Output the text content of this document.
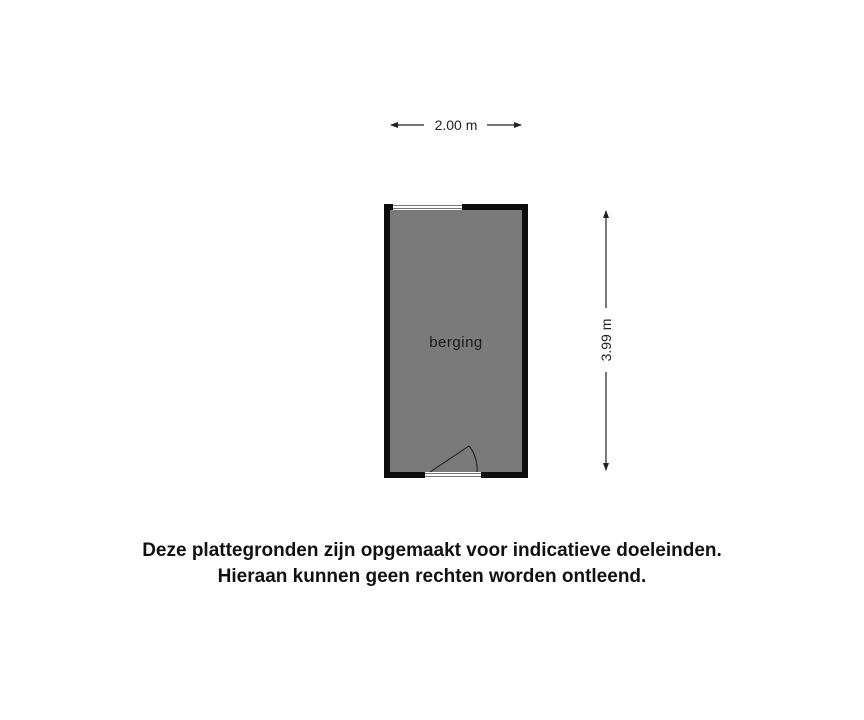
2.00 m
3.99 m
berging
Deze plattegronden zijn opgemaakt voor indicatieve doeleinden.
Hieraan kunnen geen rechten worden ontleend.
